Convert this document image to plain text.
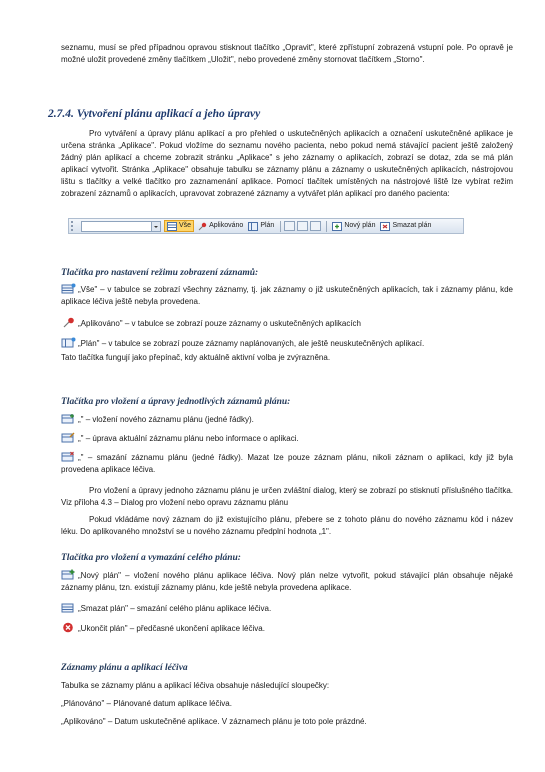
seznamu, musí se před případnou opravou stisknout tlačítko „Opravit", které zpřístupní zobrazená vstupní pole. Po opravě je možné uložit provedené změny tlačítkem „Uložit", nebo provedené změny stornovat tlačítkem „Storno".

2.7.4. Vytvoření plánu aplikací a jeho úpravy

Pro vytváření a úpravy plánu aplikací a pro přehled o uskutečněných aplikacích a označení uskutečněné aplikace je určena stránka „Aplikace". Pokud vložíme do seznamu nového pacienta, nebo pokud nemá stávající pacient ještě založený žádný plán aplikací a chceme zobrazit stránku „Aplikace" s jeho záznamy o aplikacích, zobrazí se dotaz, zda se má plán aplikací vytvořit. Stránka „Aplikace" obsahuje tabulku se záznamy plánu a záznamy o uskutečněných aplikacích, nástrojovou lištu s tlačítky a velké tlačítko pro zaznamenání aplikace. Pomocí tlačítek umístěných na nástrojové liště lze vybírat režim zobrazení záznamů o aplikacích, upravovat zobrazené záznamy a vytvářet plán aplikací pro daného pacienta:

Vše	Aplikováno Plán	Nový plán Smazat plán
Tlačítka pro nastavení režimu zobrazení záznamů:

„Vše" – v tabulce se zobrazí všechny záznamy, tj. jak záznamy o již uskutečněných aplikacích, tak i záznamy plánu, kde aplikace léčiva ještě nebyla provedena.

„Aplikováno" – v tabulce se zobrazí pouze záznamy o uskutečněných aplikacích

„Plán" – v tabulce se zobrazí pouze záznamy naplánovaných, ale ještě neuskutečněných aplikací.

Tato tlačítka fungují jako přepínač, kdy aktuálně aktivní volba je zvýrazněna.

Tlačítka pro vložení a úpravy jednotlivých záznamů plánu:

„" – vložení nového záznamu plánu (jedné řádky).

„" – úprava aktuální záznamu plánu nebo informace o aplikaci.

„" – smazání záznamu plánu (jedné řádky). Mazat lze pouze záznam plánu, nikoli záznam o aplikaci, kdy již byla provedena aplikace léčiva.

Pro vložení a úpravy jednoho záznamu plánu je určen zvláštní dialog, který se zobrazí po stisknutí příslušného tlačítka. Viz příloha 4.3 – Dialog pro vložení nebo opravu záznamu plánu

Pokud vkládáme nový záznam do již existujícího plánu, přebere se z tohoto plánu do nového záznamu kód i název léku. Do aplikovaného množství se u nového záznamu předplní hodnota „1".

Tlačítka pro vložení a vymazání celého plánu:

„Nový plán" – vložení nového plánu aplikace léčiva. Nový plán nelze vytvořit, pokud stávající plán obsahuje nějaké záznamy plánu, tzn. existují záznamy plánu, kde ještě nebyla provedena aplikace.

„Smazat plán" – smazání celého plánu aplikace léčiva.

„Ukončit plán" – předčasné ukončení aplikace léčiva.

Záznamy plánu a aplikací léčiva

Tabulka se záznamy plánu a aplikací léčiva obsahuje následující sloupečky:

„Plánováno" – Plánované datum aplikace léčiva.

„Aplikováno" – Datum uskutečněné aplikace. V záznamech plánu je toto pole prázdné.
